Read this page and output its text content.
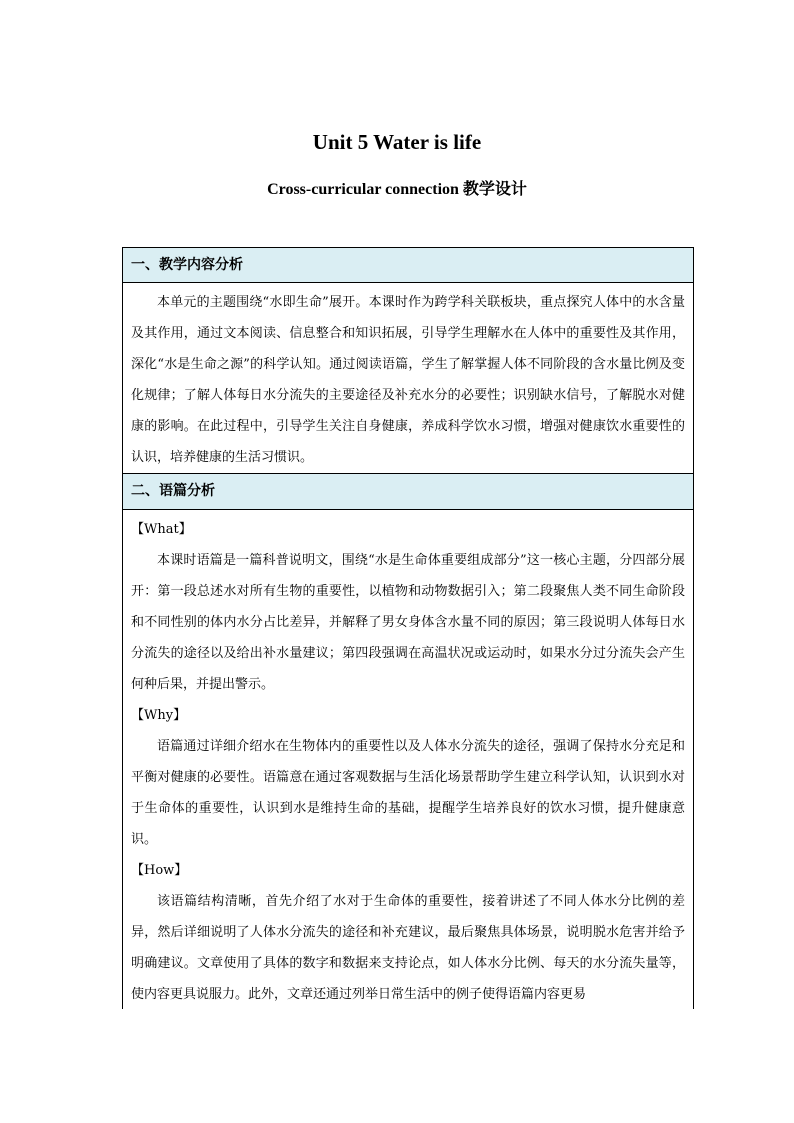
Unit 5 Water is life
Cross-curricular connection 教学设计
一、教学内容分析

本单元的主题围绕“水即生命”展开。本课时作为跨学科关联板块，重点探究人体中的水含量及其作用，通过文本阅读、信息整合和知识拓展，引导学生理解水在人体中的重要性及其作用，深化“水是生命之源”的科学认知。通过阅读语篇，学生了解掌握人体不同阶段的含水量比例及变化规律；了解人体每日水分流失的主要途径及补充水分的必要性；识别缺水信号，了解脱水对健康的影响。在此过程中，引导学生关注自身健康，养成科学饮水习惯，增强对健康饮水重要性的认识，培养健康的生活习惯识。

二、语篇分析

【What】

本课时语篇是一篇科普说明文，围绕“水是生命体重要组成部分”这一核心主题，分四部分展开：第一段总述水对所有生物的重要性，以植物和动物数据引入；第二段聚焦人类不同生命阶段和不同性别的体内水分占比差异，并解释了男女身体含水量不同的原因；第三段说明人体每日水分流失的途径以及给出补水量建议；第四段强调在高温状况或运动时，如果水分过分流失会产生何种后果，并提出警示。

【Why】

语篇通过详细介绍水在生物体内的重要性以及人体水分流失的途径，强调了保持水分充足和平衡对健康的必要性。语篇意在通过客观数据与生活化场景帮助学生建立科学认知，认识到水对于生命体的重要性，认识到水是维持生命的基础，提醒学生培养良好的饮水习惯，提升健康意识。

【How】

该语篇结构清晰，首先介绍了水对于生命体的重要性，接着讲述了不同人体水分比例的差异，然后详细说明了人体水分流失的途径和补充建议，最后聚焦具体场景，说明脱水危害并给予明确建议。文章使用了具体的数字和数据来支持论点，如人体水分比例、每天的水分流失量等，使内容更具说服力。此外，文章还通过列举日常生活中的例子使得语篇内容更易
